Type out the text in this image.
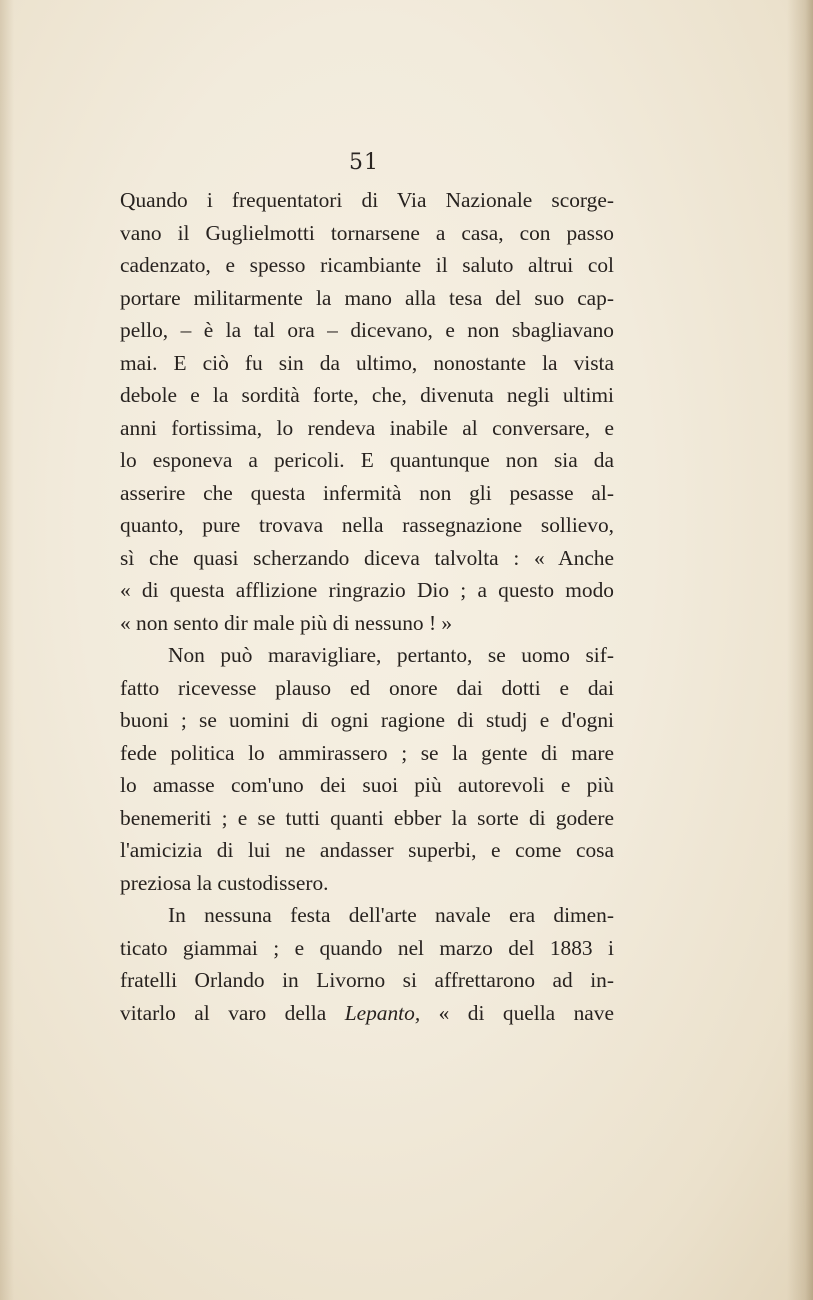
51
Quando i frequentatori di Via Nazionale scorge-
vano il Guglielmotti tornarsene a casa, con passo
cadenzato, e spesso ricambiante il saluto altrui col
portare militarmente la mano alla tesa del suo cap-
pello, – è la tal ora – dicevano, e non sbagliavano
mai. E ciò fu sin da ultimo, nonostante la vista
debole e la sordità forte, che, divenuta negli ultimi
anni fortissima, lo rendeva inabile al conversare, e
lo esponeva a pericoli. E quantunque non sia da
asserire che questa infermità non gli pesasse al-
quanto, pure trovava nella rassegnazione sollievo,
sì che quasi scherzando diceva talvolta : « Anche
« di questa afflizione ringrazio Dio ; a questo modo
« non sento dir male più di nessuno ! »
Non può maravigliare, pertanto, se uomo sif-
fatto ricevesse plauso ed onore dai dotti e dai
buoni ; se uomini di ogni ragione di studj e d'ogni
fede politica lo ammirassero ; se la gente di mare
lo amasse com'uno dei suoi più autorevoli e più
benemeriti ; e se tutti quanti ebber la sorte di godere
l'amicizia di lui ne andasser superbi, e come cosa
preziosa la custodissero.
In nessuna festa dell'arte navale era dimen-
ticato giammai ; e quando nel marzo del 1883 i
fratelli Orlando in Livorno si affrettarono ad in-
vitarlo al varo della Lepanto, « di quella nave
